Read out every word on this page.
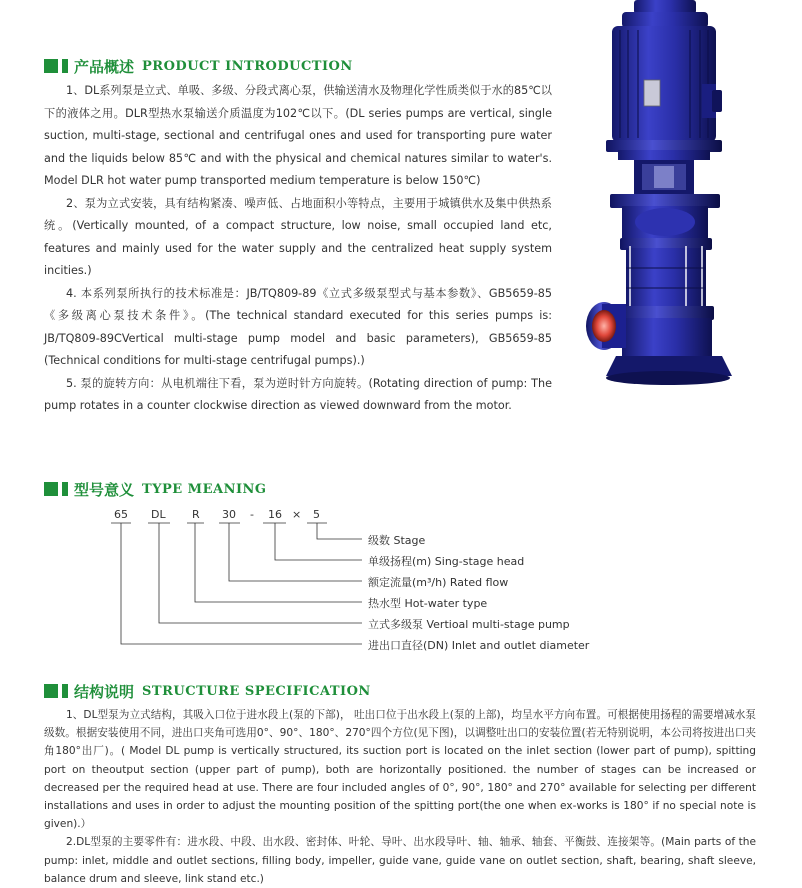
产品概述 PRODUCT INTRODUCTION

1、DL系列泵是立式、单吸、多级、分段式离心泵，供输送清水及物理化学性质类似于水的85℃以下的液体之用。DLR型热水泵输送介质温度为102℃以下。(DL series pumps are vertical, single suction, multi-stage, sectional and centrifugal ones and used for transporting pure water and the liquids below 85℃ and with the physical and chemical natures similar to water's. Model DLR hot water pump transported medium temperature is below 150℃)

2、泵为立式安装，具有结构紧凑、噪声低、占地面积小等特点，主要用于城镇供水及集中供热系统。(Vertically mounted, of a compact structure, low noise, small occupied land etc, features and mainly used for the water supply and the centralized heat supply system incities.)

4. 本系列泵所执行的技术标准是：JB/TQ809-89《立式多级泵型式与基本参数》、GB5659-85《多级离心泵技术条件》。(The technical standard executed for this series pumps is: JB/TQ809-89CVertical multi-stage pump model and basic parameters), GB5659-85 (Technical conditions for multi-stage centrifugal pumps).)

5. 泵的旋转方向：从电机端往下看，泵为逆时针方向旋转。(Rotating direction of pump: The pump rotates in a counter clockwise direction as viewed downward from the motor.

型号意义 TYPE MEANING
65 DL R 30 - 16 × 5
级数 Stage
单级扬程(m) Sing-stage head
额定流量(m³/h) Rated flow
热水型 Hot-water type
立式多级泵 Vertioal multi-stage pump
进出口直径(DN) Inlet and outlet diameter
结构说明 STRUCTURE SPECIFICATION

1、DL型泵为立式结构，其吸入口位于进水段上(泵的下部)， 吐出口位于出水段上(泵的上部)，均呈水平方向布置。可根据使用扬程的需要增减水泵级数。根据安装使用不同，进出口夹角可选用0°、90°、180°、270°四个方位(见下图)，以调整吐出口的安装位置(若无特别说明，本公司将按进出口夹角180°出厂)。( Model DL pump is vertically structured, its suction port is located on the inlet section (lower part of pump), spitting port on theoutput section (upper part of pump), both are horizontally positioned. the number of stages can be increased or decreased per the required head at use. There are four included angles of 0°, 90°, 180° and 270° available for selecting per different installations and uses in order to adjust the mounting position of the spitting port(the one when ex-works is 180° if no special note is given).）

2.DL型泵的主要零件有：进水段、中段、出水段、密封体、叶轮、导叶、出水段导叶、轴、轴承、轴套、平衡鼓、连接架等。(Main parts of the pump: inlet, middle and outlet sections, filling body, impeller, guide vane, guide vane on outlet section, shaft, bearing, shaft sleeve, balance drum and sleeve, link stand etc.)
